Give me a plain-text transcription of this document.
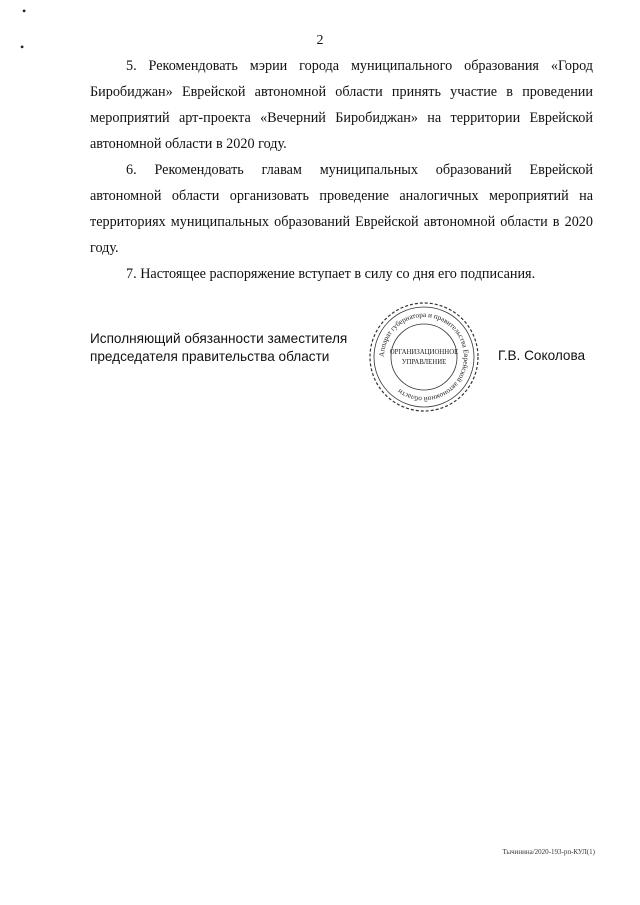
•
•	2

5. Рекомендовать мэрии города муниципального образования «Город Биробиджан» Еврейской автономной области принять участие в проведении мероприятий арт-проекта «Вечерний Биробиджан» на территории Еврейской автономной области в 2020 году.

6. Рекомендовать главам муниципальных образований Еврейской автономной области организовать проведение аналогичных мероприятий на территориях муниципальных образований Еврейской автономной области в 2020 году.

7. Настоящее распоряжение вступает в силу со дня его подписания.

Исполняющий обязанности заместителя
председателя правительства области	Аппарат губернатора и правительства Еврейской автономной области
ОРГАНИЗАЦИОННОЕ
УПРАВЛЕНИЕ	Г.В. Соколова
Тычинина/2020-193-рп-КУЛ(1)
